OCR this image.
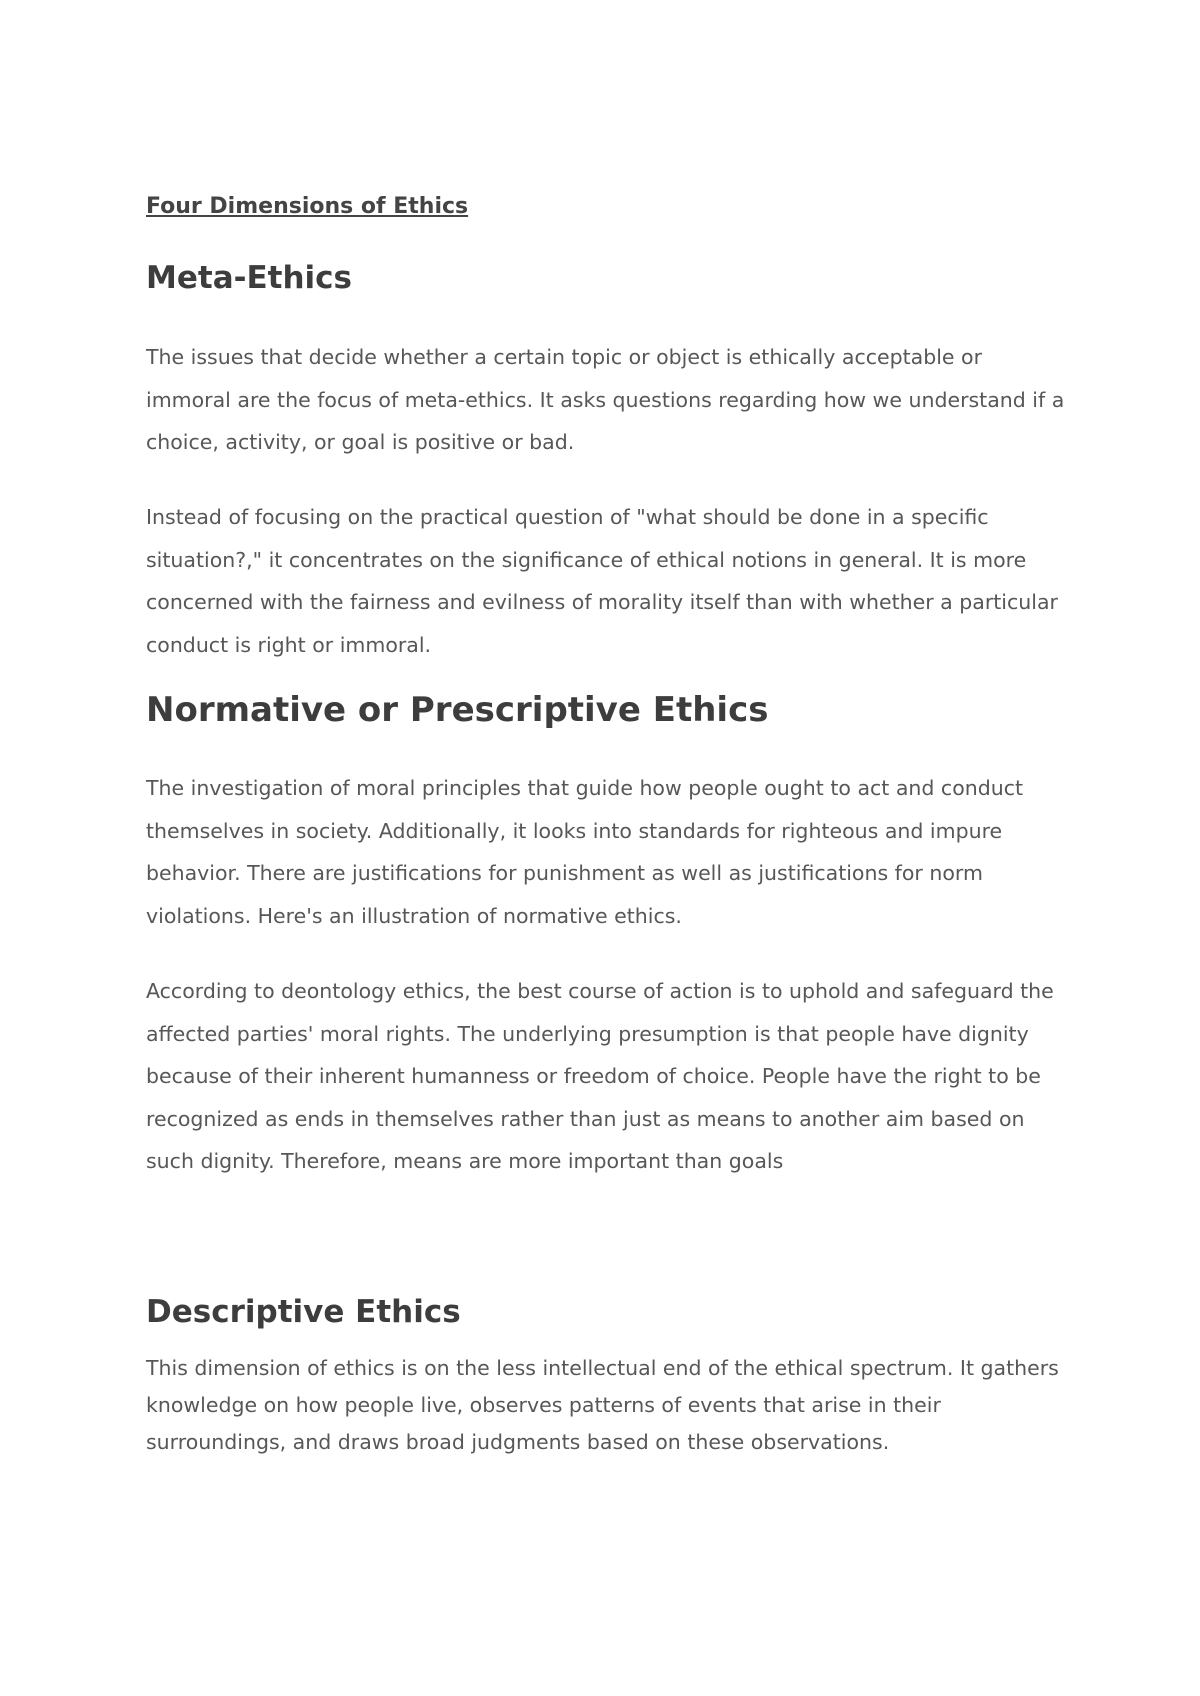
Four Dimensions of Ethics
Meta-Ethics

The issues that decide whether a certain topic or object is ethically acceptable or immoral are the focus of meta-ethics. It asks questions regarding how we understand if a choice, activity, or goal is positive or bad.

Instead of focusing on the practical question of "what should be done in a specific situation?," it concentrates on the significance of ethical notions in general. It is more concerned with the fairness and evilness of morality itself than with whether a particular conduct is right or immoral.

Normative or Prescriptive Ethics

The investigation of moral principles that guide how people ought to act and conduct themselves in society. Additionally, it looks into standards for righteous and impure behavior. There are justifications for punishment as well as justifications for norm violations. Here's an illustration of normative ethics.

According to deontology ethics, the best course of action is to uphold and safeguard the affected parties' moral rights. The underlying presumption is that people have dignity because of their inherent humanness or freedom of choice. People have the right to be recognized as ends in themselves rather than just as means to another aim based on such dignity. Therefore, means are more important than goals

Descriptive Ethics

This dimension of ethics is on the less intellectual end of the ethical spectrum. It gathers knowledge on how people live, observes patterns of events that arise in their surroundings, and draws broad judgments based on these observations.
